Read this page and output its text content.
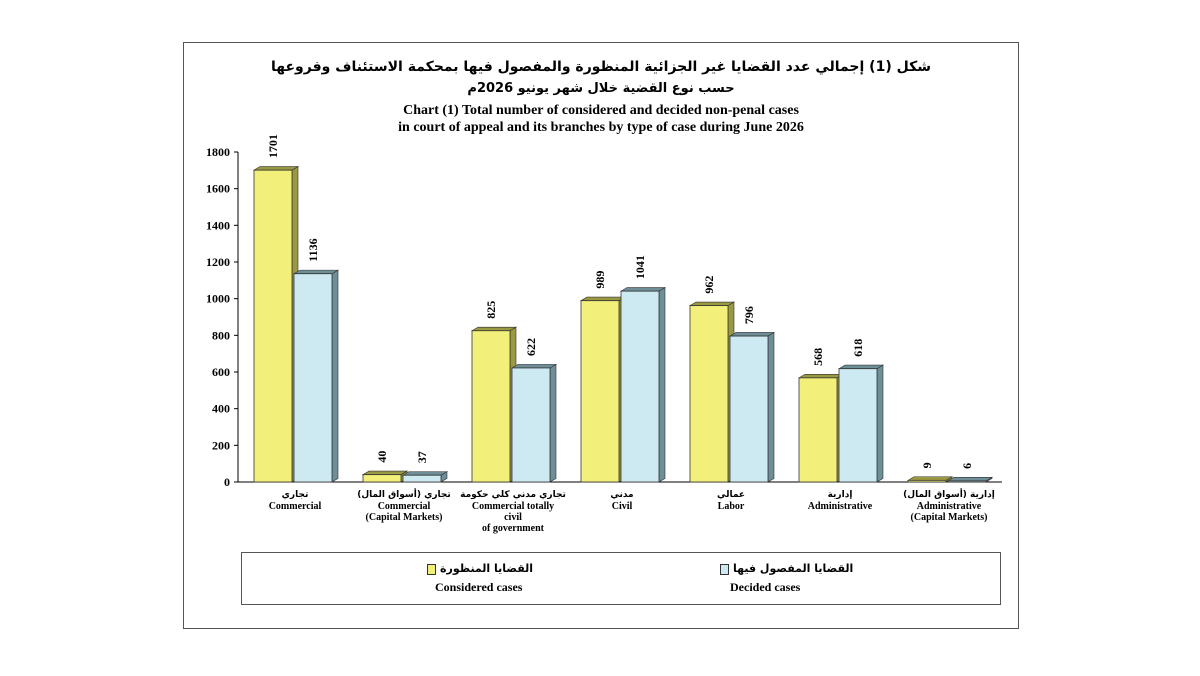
شكل (1) إجمالي عدد القضايا غير الجزائية المنظورة والمفصول فيها بمحكمة الاستئناف وفروعها
حسب نوع القضية خلال شهر يونيو 2026م
Chart (1) Total number of considered and decided non-penal cases
in court of appeal and its branches by type of case during June 2026
0
200
400
600
800
1000
1200
1400
1600
1800	1701
1136
40 37
825
622
989
1041
962
796
568
618
9 6
تجاري
Commercial
تجاري (أسواق المال)
Commercial
(Capital Markets)
تجاري مدني كلي حكومة
Commercial totally
civil
of government
مدني
Civil
عمالي
Labor
إدارية
Administrative
إدارية (أسواق المال)
Administrative
(Capital Markets)
القضايا المنظورة
Considered cases
القضايا المفصول فيها
Decided cases
